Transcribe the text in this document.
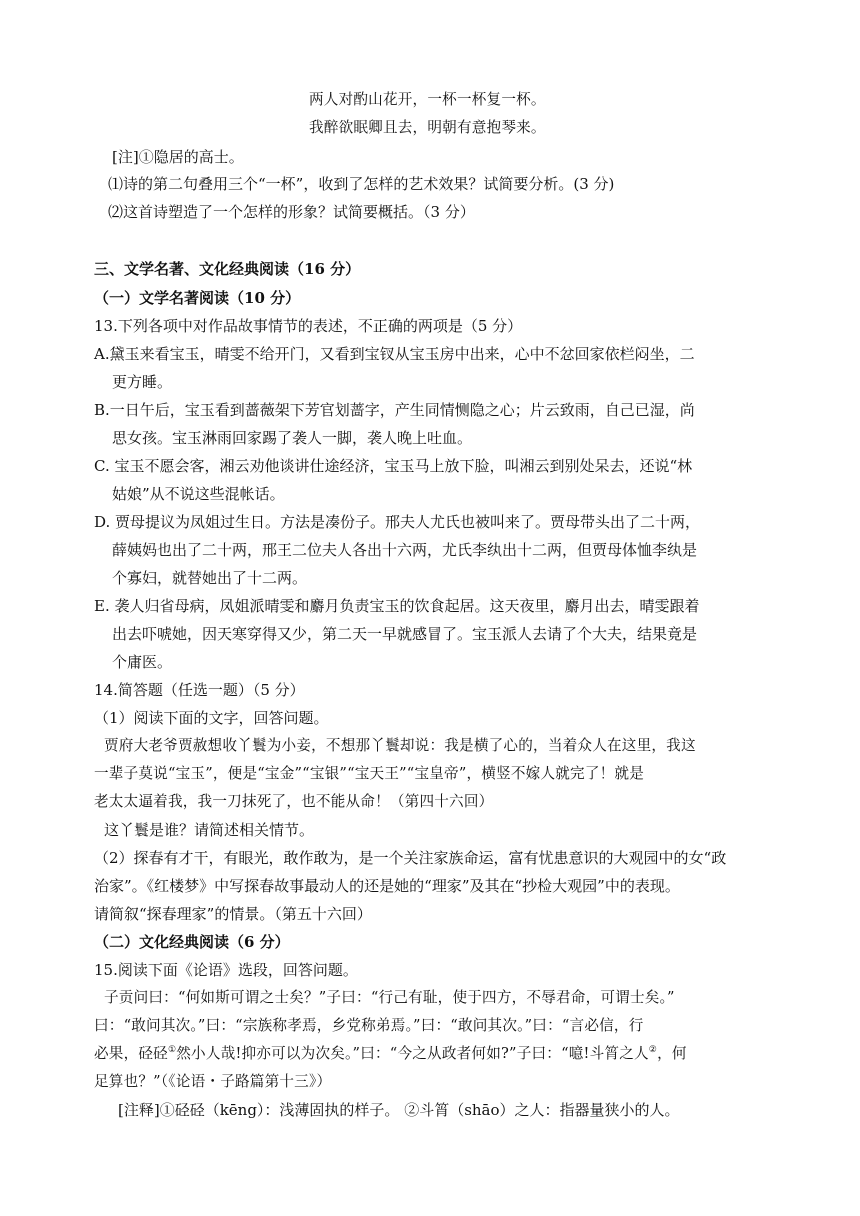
两人对酌山花开，一杯一杯复一杯。
我醉欲眠卿且去，明朝有意抱琴来。
[注]①隐居的高士。
⑴诗的第二句叠用三个“一杯”，收到了怎样的艺术效果？试简要分析。(3 分)
⑵这首诗塑造了一个怎样的形象？试简要概括。（3 分）
三、文学名著、文化经典阅读（16 分）
（一）文学名著阅读（10 分）
13.下列各项中对作品故事情节的表述，不正确的两项是（5 分）
A.黛玉来看宝玉，晴雯不给开门，又看到宝钗从宝玉房中出来，心中不忿回家依栏闷坐，二
更方睡。
B.一日午后，宝玉看到蔷薇架下芳官划蔷字，产生同情恻隐之心；片云致雨，自己已湿，尚
思女孩。宝玉淋雨回家踢了袭人一脚，袭人晚上吐血。
C. 宝玉不愿会客，湘云劝他谈讲仕途经济，宝玉马上放下脸，叫湘云到别处呆去，还说“林
姑娘”从不说这些混帐话。
D. 贾母提议为凤姐过生日。方法是凑份子。邢夫人尤氏也被叫来了。贾母带头出了二十两，
薛姨妈也出了二十两，邢王二位夫人各出十六两，尤氏李纨出十二两，但贾母体恤李纨是
个寡妇，就替她出了十二两。
E. 袭人归省母病，凤姐派晴雯和麝月负责宝玉的饮食起居。这天夜里，麝月出去，晴雯跟着
出去吓唬她，因天寒穿得又少，第二天一早就感冒了。宝玉派人去请了个大夫，结果竟是
个庸医。
14.简答题（任选一题）（5 分）
（1）阅读下面的文字，回答问题。
贾府大老爷贾赦想收丫鬟为小妾，不想那丫鬟却说：我是横了心的，当着众人在这里，我这
一辈子莫说“宝玉”，便是“宝金”“宝银”“宝天王”“宝皇帝”，横竖不嫁人就完了！就是
老太太逼着我，我一刀抹死了，也不能从命！（第四十六回）
这丫鬟是谁？请简述相关情节。
（2）探春有才干，有眼光，敢作敢为，是一个关注家族命运，富有忧患意识的大观园中的女“政
治家”。《红楼梦》中写探春故事最动人的还是她的“理家”及其在“抄检大观园”中的表现。
请简叙“探春理家”的情景。（第五十六回）
（二）文化经典阅读（6 分）
15.阅读下面《论语》选段，回答问题。
子贡问曰：“何如斯可谓之士矣？”子曰：“行己有耻，使于四方，不辱君命，可谓士矣。”
曰：“敢问其次。”曰：“宗族称孝焉，乡党称弟焉。”曰：“敢问其次。”曰：“言必信，行
必果，硁硁①然小人哉!抑亦可以为次矣。”曰：“今之从政者何如?”子曰：“噫!斗筲之人②，何
足算也？”（《论语・子路篇第十三》）
[注释]①硁硁（kēng）：浅薄固执的样子。 ②斗筲（shāo）之人：指器量狭小的人。
